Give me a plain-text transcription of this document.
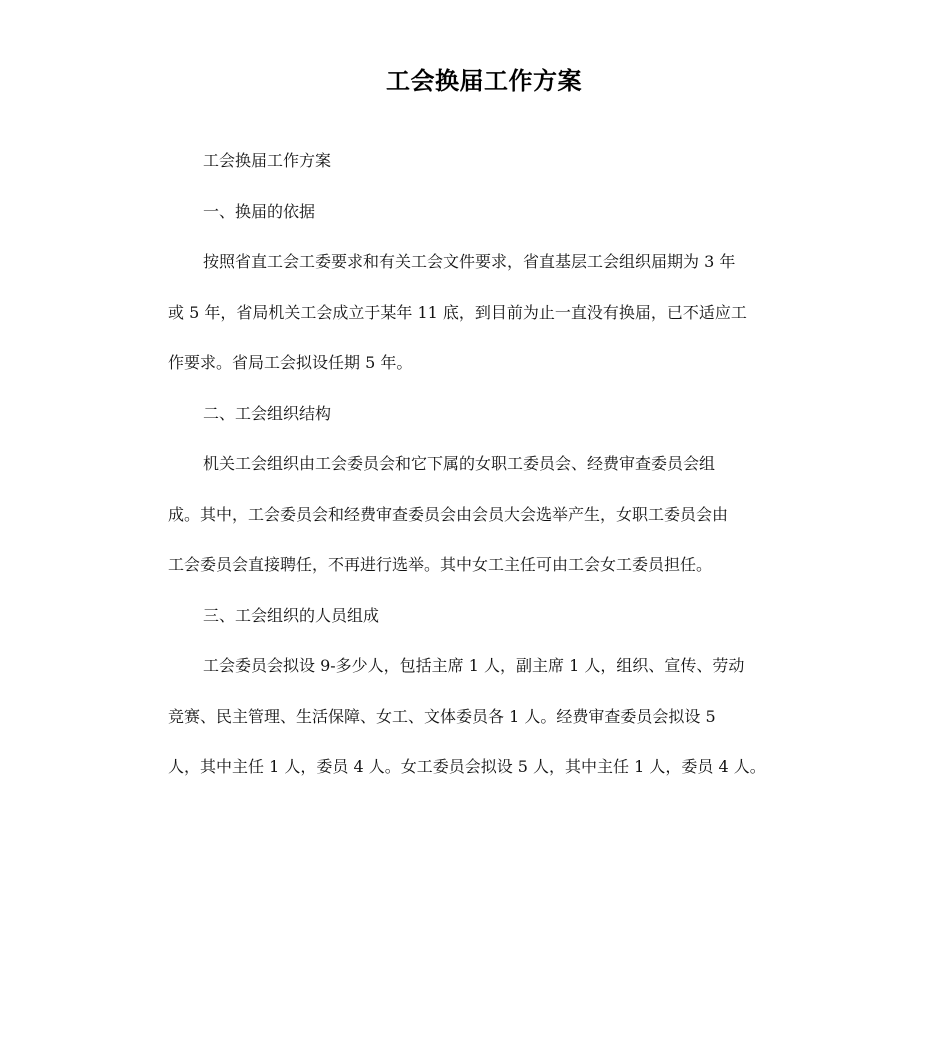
工会换届工作方案
工会换届工作方案
一、换届的依据
按照省直工会工委要求和有关工会文件要求，省直基层工会组织届期为 3 年
或 5 年，省局机关工会成立于某年 11 底，到目前为止一直没有换届，已不适应工
作要求。省局工会拟设任期 5 年。
二、工会组织结构
机关工会组织由工会委员会和它下属的女职工委员会、经费审查委员会组
成。其中，工会委员会和经费审查委员会由会员大会选举产生，女职工委员会由
工会委员会直接聘任，不再进行选举。其中女工主任可由工会女工委员担任。
三、工会组织的人员组成
工会委员会拟设 9-多少人，包括主席 1 人，副主席 1 人，组织、宣传、劳动
竞赛、民主管理、生活保障、女工、文体委员各 1 人。经费审查委员会拟设 5
人，其中主任 1 人，委员 4 人。女工委员会拟设 5 人，其中主任 1 人，委员 4 人。
